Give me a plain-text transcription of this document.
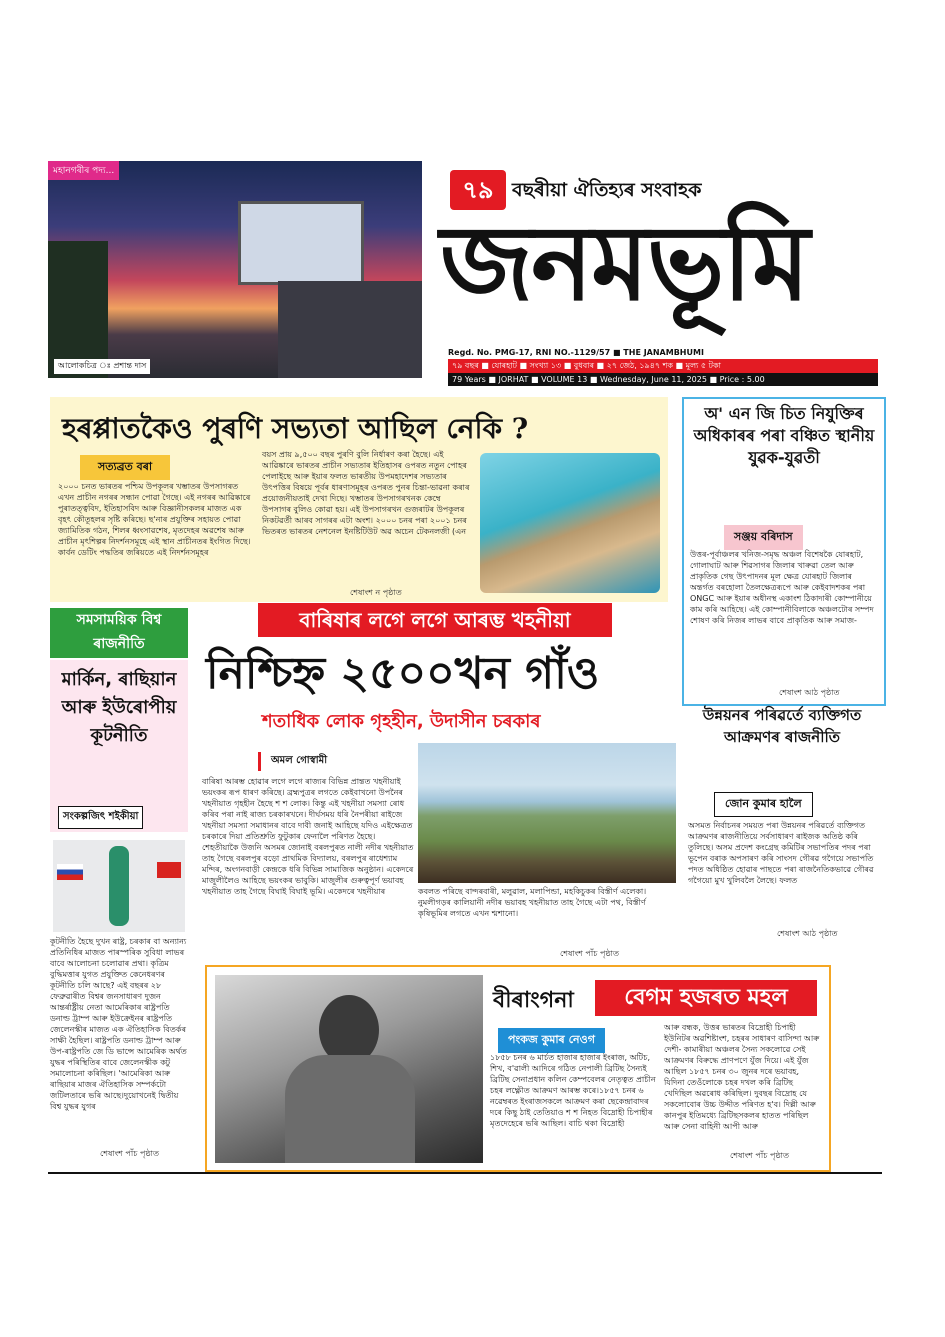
মহানগৰীৰ পদ্য...
আলোকচিত্ৰ ঃ প্ৰশান্ত দাস
৭৯ বছৰীয়া ঐতিহ্যৰ সংবাহক
জনমভূমি
Regd. No. PMG-17, RNI NO.-1129/57 ■ THE JANAMBHUMI
৭৯ বছৰ ■ যোৰহাট ■ সংখ্যা ১৩ ■ বুধবাৰ ■ ২৭ জেঠ, ১৯৪৭ শক ■ মূল্য ৫ টকা
79 Years ■ JORHAT ■ VOLUME 13 ■ Wednesday, June 11, 2025 ■ Price : 5.00
হৰপ্পাতকৈও পুৰণি সভ্যতা আছিল নেকি ?
সত্যব্ৰত বৰা
২০০০ চনত ভাৰতৰ পশ্চিম উপকূলৰ খম্ভাতৰ উপসাগৰত এখন প্ৰাচীন নগৰৰ সন্ধান পোৱা গৈছে। এই নগৰৰ আৱিষ্কাৰে পুৰাতত্ত্ববিদ, ইতিহাসবিদ আৰু বিজ্ঞানীসকলৰ মাজত এক বৃহৎ কৌতূহলৰ সৃষ্টি কৰিছে। ছ'নাৰ প্ৰযুক্তিৰ সহায়ত পোৱা জ্যামিতিক গঠন, শিলৰ ধ্বংসাৱশেষ, মৃতদেহৰ অৱশেষ আৰু প্ৰাচীন মৃৎশিল্পৰ নিদৰ্শনসমূহে এই স্থান প্ৰাচীনতৰ ইংগিত দিছে। কাৰ্বন ডেটিং পদ্ধতিৰ জৰিয়তে এই নিদৰ্শনসমূহৰ
বয়স প্ৰায় ৯,৫০০ বছৰ পুৰণি বুলি নিৰ্ধাৰণ কৰা হৈছে। এই আৱিষ্কাৰে ভাৰতৰ প্ৰাচীন সভ্যতাৰ ইতিহাসৰ ওপৰত নতুন পোহৰ পেলাইছে আৰু ইয়াৰ ফলত ভাৰতীয় উপমহাদেশৰ সভ্যতাৰ উৎপত্তিৰ বিষয়ে পূৰ্বৰ ধাৰণাসমূহৰ ওপৰত পুনৰ চিন্তা-ভাৱনা কৰাৰ প্ৰয়োজনীয়তাই দেখা দিছে। খম্ভাতৰ উপসাগৰখনক কেম্বে উপসাগৰ বুলিও কোৱা হয়। এই উপসাগৰখন গুজৰাটৰ উপকূলৰ নিকটৱৰ্তী আৰব সাগৰৰ এটা অংশ। ২০০০ চনৰ পৰা ২০০১ চনৰ ভিতৰত ভাৰতৰ নেশনেল ইনষ্টিটিউট অৱ অচেন টেকনলজী (এন
শেষাংশ ন পৃষ্ঠাত
অ' এন জি চিত নিযুক্তিৰ অধিকাৰৰ পৰা বঞ্চিত স্থানীয় যুৱক-যুৱতী
সঞ্জয় বৰিদাস
উত্তৰ-পূৰ্বাঞ্চলৰ খনিজ-সমৃদ্ধ অঞ্চল বিশেষকৈ যোৰহাট, গোলাঘাট আৰু শিৱসাগৰ জিলাৰ খাৰুৱা তেল আৰু প্ৰাকৃতিক গেছ উৎপাদনৰ মূল ক্ষেত্ৰ যোৰহাট জিলাৰ অন্তৰ্গত বৰহোলা তৈলক্ষেত্ৰৰূপে আৰু কেইবাদশকৰ পৰা ONGC আৰু ইয়াৰ অধীনস্থ একাংশ ঠিকাদাৰী কোম্পানীয়ে কাম কৰি আহিছে। এই কোম্পানীবিলাকে অঞ্চলটোৰ সম্পদ শোষণ কৰি নিজৰ লাভৰ বাবে প্ৰাকৃতিক আৰু সমাজ-
শেষাংশ আঠ পৃষ্ঠাত
উন্নয়নৰ পৰিৱৰ্তে ব্যক্তিগত আক্ৰমণৰ ৰাজনীতি
জোন কুমাৰ হালৈ
অসমত নিৰ্বাচনৰ সময়ত পৰা উন্নয়নৰ পৰিৱৰ্তে ব্যক্তিগত আক্ৰমণৰ ৰাজনীতিয়ে সৰ্বসাধাৰণ ৰাইজক অতিষ্ঠ কৰি তুলিছে। অসম প্ৰদেশ কংগ্ৰেছ কমিটিৰ সভাপতিৰ পদৰ পৰা ভূপেন বৰাক অপসাৰণ কৰি সাংসদ গৌৰৱ গগৈয়ে সভাপতি পদত অধিষ্ঠিত হোৱাৰ পাছতে পৰা ৰাজনৈতিকভাৱে গৌৰৱ গগৈয়ো মুখ খুলিবলৈ লৈছে। ফলত
শেষাংশ আঠ পৃষ্ঠাত
সমসাময়িক বিশ্ব ৰাজনীতি
মাৰ্কিন, ৰাছিয়ান আৰু ইউৰোপীয় কূটনীতি
সংকল্পজিৎ শইকীয়া
কূটনীতি হৈছে দুখন ৰাষ্ট্ৰ, চৰকাৰ বা অন্যান্য প্ৰতিনিধিৰ মাজত পাৰস্পৰিক সুবিধা লাভৰ বাবে আলোচনা চলোৱাৰ প্ৰথা। কৃত্ৰিম বুদ্ধিমত্তাৰ যুগত প্ৰযুক্তিত কেনেধৰণৰ কূটনীতি চলি আছে? এই বছৰৰ ২৮ ফেব্ৰুৱাৰীত বিশ্বৰ জনসাধাৰণ দুজন আন্তৰ্ৰাষ্ট্ৰীয় নেতা আমেৰিকাৰ ৰাষ্ট্ৰপতি ডনাল্ড ট্ৰাম্প আৰু ইউক্ৰেইনৰ ৰাষ্ট্ৰপতি জেলেনস্কীৰ মাজত এক ঐতিহাসিক বিতৰ্কৰ সাক্ষী হৈছিল। ৰাষ্ট্ৰপতি ডনাল্ড ট্ৰাম্প আৰু উপ-ৰাষ্ট্ৰপতি জে ডি ভান্সে আমেৰিক অৰ্থত যুদ্ধৰ পৰিস্থিতিৰ বাবে জেলেনস্কীক কটু সমালোচনা কৰিছিল। 'আমেৰিকা আৰু ৰাছিয়াৰ মাজৰ ঐতিহাসিক সম্পৰ্কটো জটিলতাৰে ভৰি আছে।দুয়োখনেই দ্বিতীয় বিশ্ব যুদ্ধৰ যুগৰ
শেষাংশ পাঁচ পৃষ্ঠাত
বাৰিষাৰ লগে লগে আৰম্ভ খহনীয়া
নিশ্চিহ্ন ২৫০০খন গাঁও
শতাধিক লোক গৃহহীন, উদাসীন চৰকাৰ
অমল গোস্বামী
বাৰিষা আৰম্ভ হোৱাৰ লগে লগে ৰাজ্যৰ বিভিন্ন প্ৰান্তত খহনীয়াই ভয়ংকৰ ৰূপ ধাৰণ কৰিছে। ব্ৰহ্মপুত্ৰৰ লগতে কেইবাখনো উপনৈৰ খহনীয়াত গৃহহীন হৈছে শ শ লোক। কিন্তু এই খহনীয়া সমস্যা ৰোধ কৰিব পৰা নাই ৰাজ্য চৰকাৰখনে। দীৰ্ঘসময় ধৰি নৈপৰীয়া ৰাইজে খহনীয়া সমস্যা সমাধানৰ বাবে দাবী জনাই আহিছে যদিও এইক্ষেত্ৰত চৰকাৰে দিয়া প্ৰতিশ্ৰুতি ফুটুকাৰ ফেনালৈ পৰিণত হৈছে। শেহতীয়াকৈ উজনি অসমৰ জোনাই বৰলপুৰত নালী নদীৰ খহনীয়াত তাহ গৈছে বৰলপুৰ বড়ো প্ৰাথমিক বিদ্যালয়, বৰলপুৰ ৰাধেশ্যাম মন্দিৰ, অংগনবাড়ী কেন্দ্ৰকে ধৰি বিভিন্ন সামাজিক অনুষ্ঠান। একেদৰে মাজুলীলৈও আহিছে ভয়ংকৰ ভাবুকি। মাজুলীৰ গুৰুত্বপূৰ্ণ ভয়াবহ খহনীয়াত তাহ গৈছে বিঘাই বিঘাই ভূমি। একেদৰে খহনীয়াৰ	কবলত পৰিছে বান্দৰবাৰী, মলুৱাল, মলাপিন্ডা, মহকিচুকৰ বিস্তীৰ্ণ এলেকা। নুমলীগড়ৰ কালিয়ানী নদীৰ ভয়াবহ খহনীয়াত তাহ গৈছে এটা পথ, বিস্তীৰ্ণ কৃষিভূমিৰ লগতে এখন শ্মশানো।
শেষাংশ পাঁচ পৃষ্ঠাত
বীৰাংগনা	বেগম হজৰত মহল
পংকজ কুমাৰ নেওগ
১৮৫৮ চনৰ ৬ মাৰ্চত হাজাৰ হাজাৰ ইংৰাজ, অটিচ, শিখ, ব'ৱালী আদিৰে গঠিত নেপালী ব্ৰিটিছ সৈন্যই ব্ৰিটিছ সেনাপ্ৰধান কলিন কেম্পবেলৰ নেতৃত্বত প্ৰাচীন চহৰ লক্ষ্ণৌত আক্ৰমণ আৰম্ভ কৰে।১৮৫৭ চনৰ ৬ নৱেম্বৰত ইংৰাজসকলে আক্ৰমণ কৰা ছেকেন্দ্ৰাবাদৰ দৰে কিছু ঠাই তেতিয়াও শ শ নিহত বিদ্ৰোহী চিপাহীৰ মৃতদেহেৰে ভৰি আছিল। বাচি থকা বিদ্ৰোহী
আৰু বন্ধক, উত্তৰ ভাৰতৰ বিদ্ৰোহী চিপাহী ইউনিটৰ অৱশিষ্টাংশ, চহৰৰ সাধাৰণ বাসিন্দা আৰু দেশী- কামাৰীয়া অঞ্চলৰ সৈন্য সকলোৱে সেই আক্ৰমণৰ বিৰুদ্ধে প্ৰাণপণে যুঁজ দিয়ে। এই যুঁজ আছিল ১৮৫৭ চনৰ ৩০ জুনৰ দৰে ভয়াবহ, যিদিনা তেওঁলোকে চহৰ দখল কৰি ব্ৰিটিছ খেদিছিল অৱৰোধ কৰিছিল। দুবছৰ বিদ্ৰোহ যে সকলোবোৰ উচ্চ উদ্দীত পৰিণত হ'ব। দিল্লী আৰু কানপুৰ ইতিমধ্যে ব্ৰিটিছসকলৰ হাতত পৰিছিল আৰু সেনা বাহিনী আপী আৰু
শেষাংশ পাঁচ পৃষ্ঠাত
